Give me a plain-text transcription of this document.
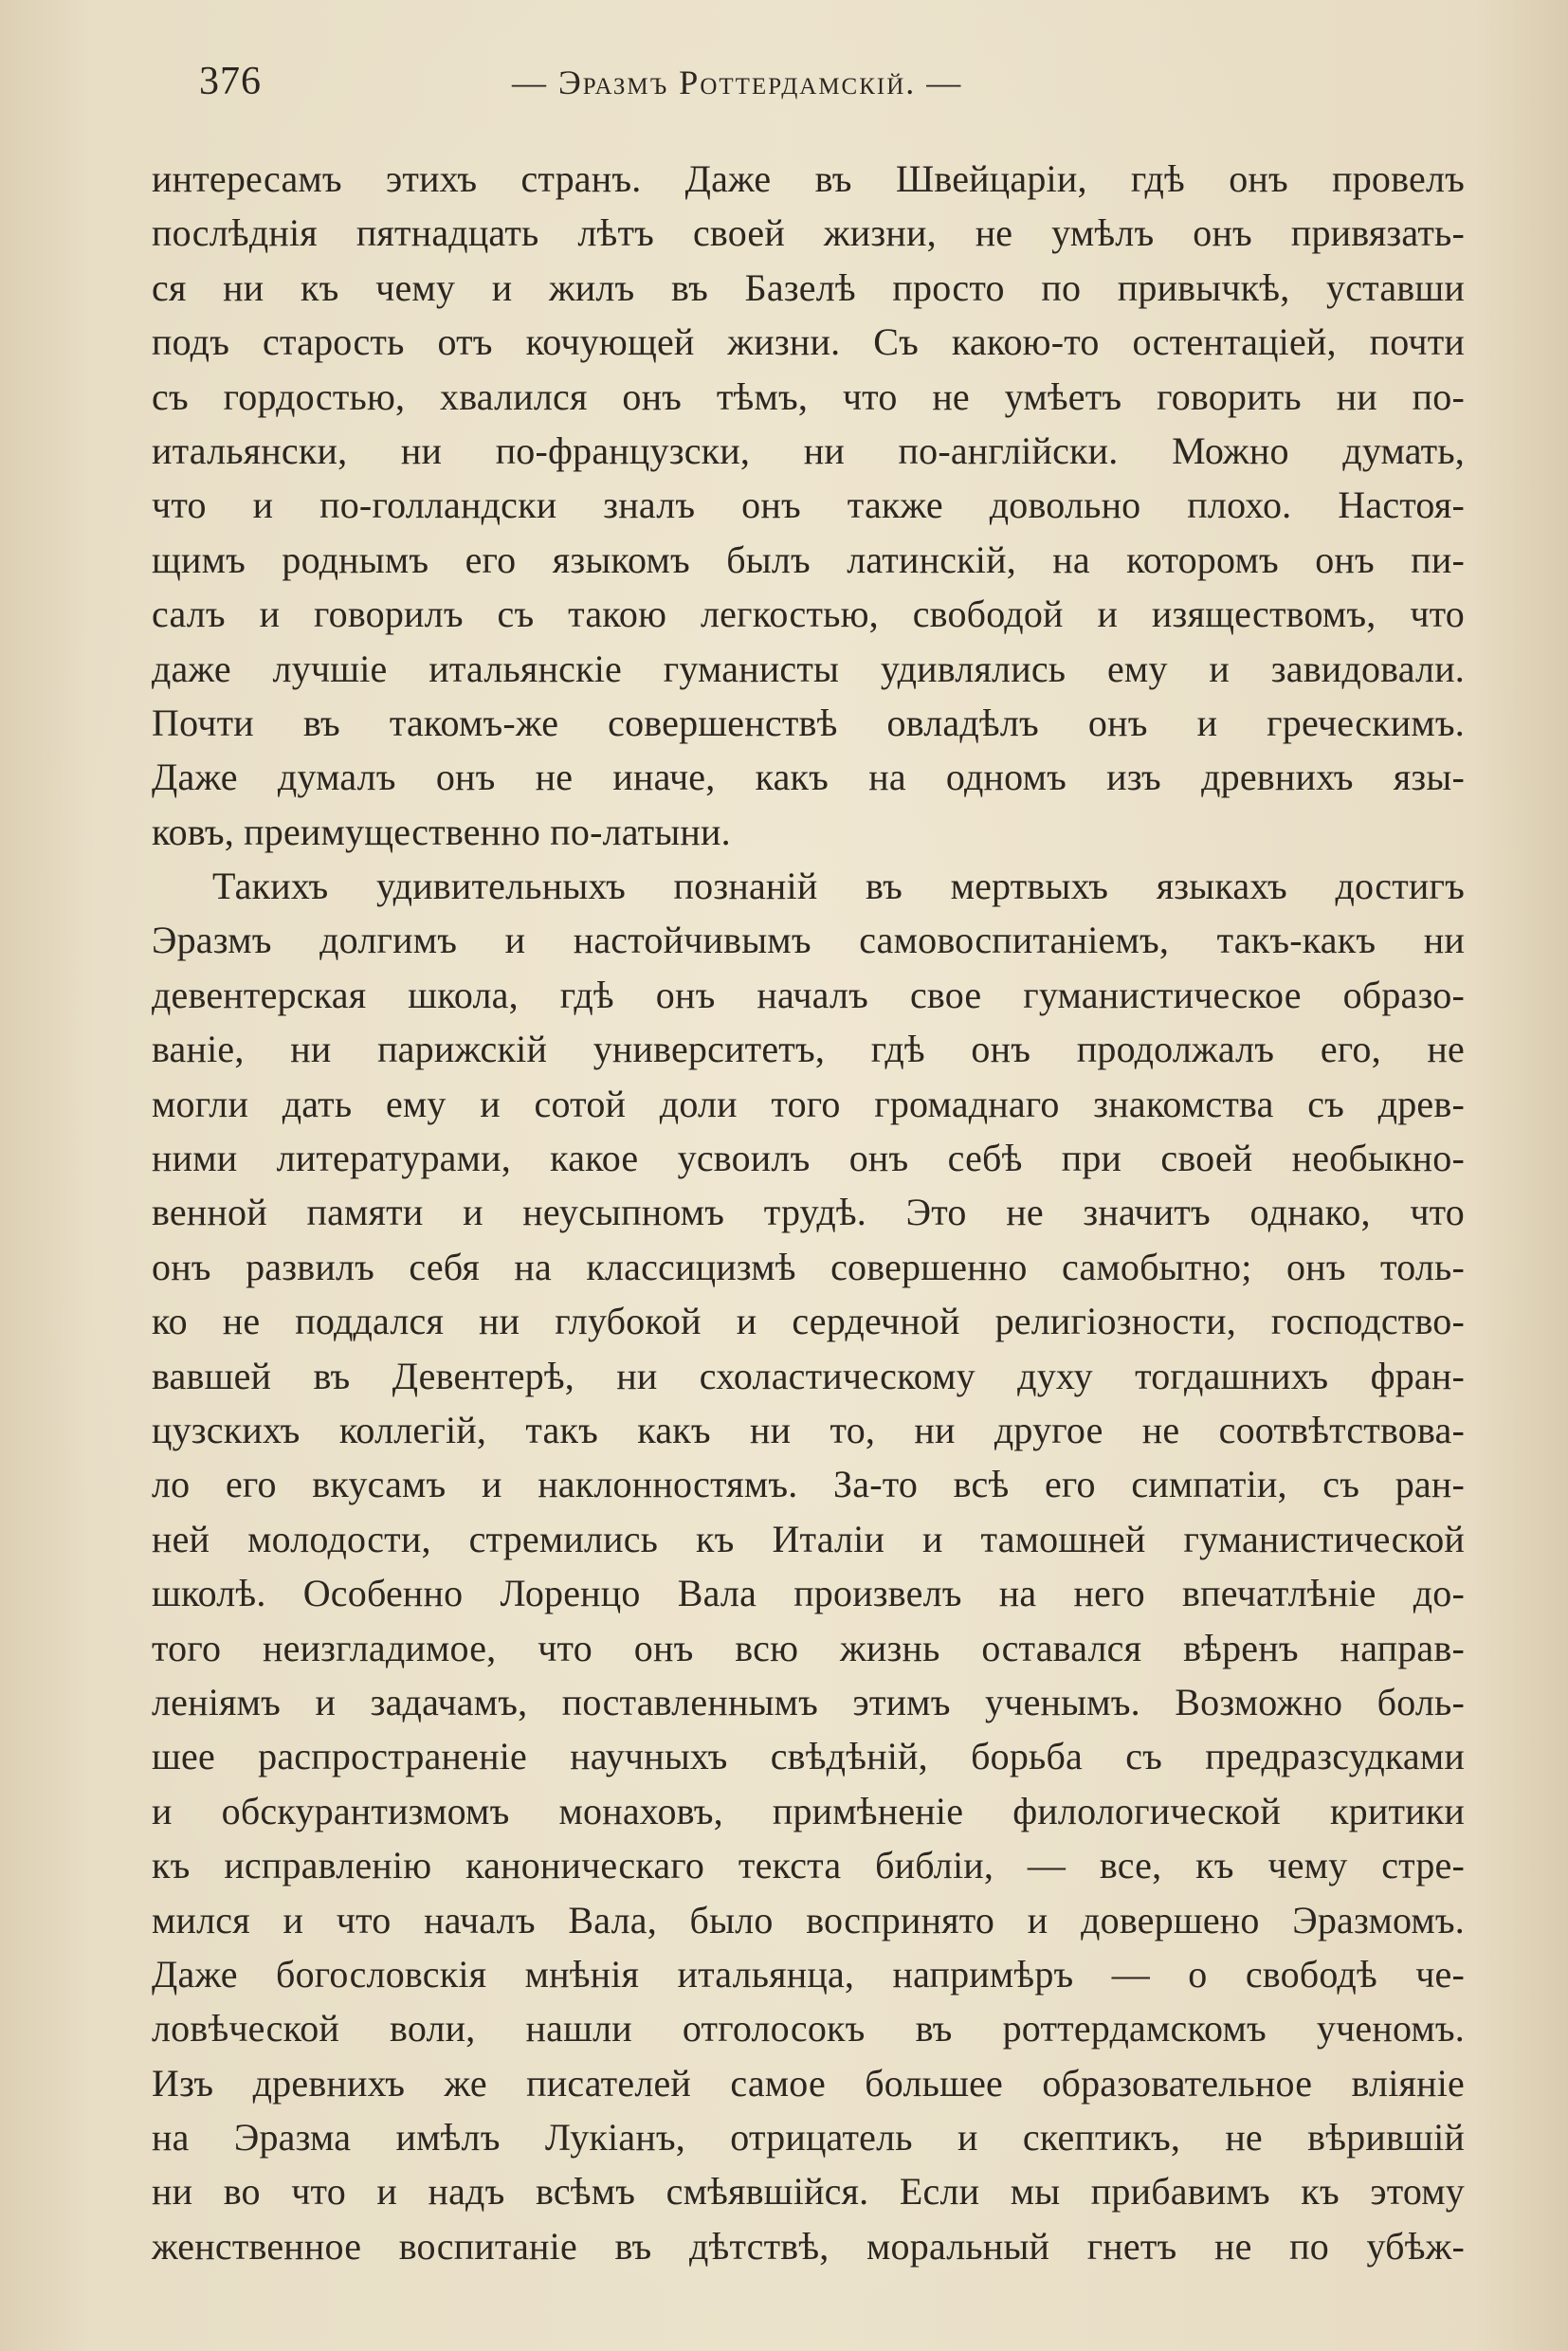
376	— Эразмъ Роттердамскій. —
интересамъ этихъ странъ. Даже въ Швейцаріи, гдѣ онъ провелъ
послѣднія пятнадцать лѣтъ своей жизни, не умѣлъ онъ привязать-
ся ни къ чему и жилъ въ Базелѣ просто по привычкѣ, уставши
подъ старость отъ кочующей жизни. Съ какою-то остентаціей, почти
съ гордостью, хвалился онъ тѣмъ, что не умѣетъ говорить ни по-
итальянски, ни по-французски, ни по-англійски. Можно думать,
что и по-голландски зналъ онъ также довольно плохо. Настоя-
щимъ роднымъ его языкомъ былъ латинскій, на которомъ онъ пи-
салъ и говорилъ съ такою легкостью, свободой и изяществомъ, что
даже лучшіе итальянскіе гуманисты удивлялись ему и завидовали.
Почти въ такомъ-же совершенствѣ овладѣлъ онъ и греческимъ.
Даже думалъ онъ не иначе, какъ на одномъ изъ древнихъ язы-
ковъ, преимущественно по-латыни.
Такихъ удивительныхъ познаній въ мертвыхъ языкахъ достигъ
Эразмъ долгимъ и настойчивымъ самовоспитаніемъ, такъ-какъ ни
девентерская школа, гдѣ онъ началъ свое гуманистическое образо-
ваніе, ни парижскій университетъ, гдѣ онъ продолжалъ его, не
могли дать ему и сотой доли того громаднаго знакомства съ древ-
ними литературами, какое усвоилъ онъ себѣ при своей необыкно-
венной памяти и неусыпномъ трудѣ. Это не значитъ однако, что
онъ развилъ себя на классицизмѣ совершенно самобытно; онъ толь-
ко не поддался ни глубокой и сердечной религіозности, господство-
вавшей въ Девентерѣ, ни схоластическому духу тогдашнихъ фран-
цузскихъ коллегій, такъ какъ ни то, ни другое не соотвѣтствова-
ло его вкусамъ и наклонностямъ. За-то всѣ его симпатіи, съ ран-
ней молодости, стремились къ Италіи и тамошней гуманистической
школѣ. Особенно Лоренцо Вала произвелъ на него впечатлѣніе до-
того неизгладимое, что онъ всю жизнь оставался вѣренъ направ-
леніямъ и задачамъ, поставленнымъ этимъ ученымъ. Возможно боль-
шее распространеніе научныхъ свѣдѣній, борьба съ предразсудками
и обскурантизмомъ монаховъ, примѣненіе филологической критики
къ исправленію каноническаго текста библіи, — все, къ чему стре-
мился и что началъ Вала, было воспринято и довершено Эразмомъ.
Даже богословскія мнѣнія итальянца, напримѣръ — о свободѣ че-
ловѣческой воли, нашли отголосокъ въ роттердамскомъ ученомъ.
Изъ древнихъ же писателей самое большее образовательное вліяніе
на Эразма имѣлъ Лукіанъ, отрицатель и скептикъ, не вѣрившій
ни во что и надъ всѣмъ смѣявшійся. Если мы прибавимъ къ этому
женственное воспитаніе въ дѣтствѣ, моральный гнетъ не по убѣж-
